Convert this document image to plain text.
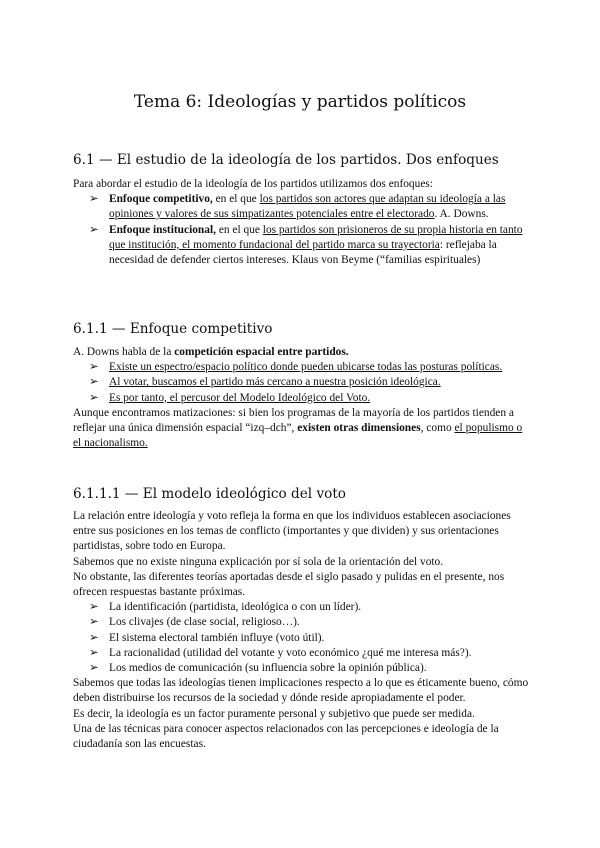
Tema 6: Ideologías y partidos políticos
6.1 — El estudio de la ideología de los partidos. Dos enfoques

Para abordar el estudio de la ideología de los partidos utilizamos dos enfoques:

➢ Enfoque competitivo, en el que los partidos son actores que adaptan su ideología a las opiniones y valores de sus simpatizantes potenciales entre el electorado. A. Downs.
➢ Enfoque institucional, en el que los partidos son prisioneros de su propia historia en tanto que institución, el momento fundacional del partido marca su trayectoria: reflejaba la necesidad de defender ciertos intereses. Klaus von Beyme (“familias espirituales)
6.1.1 — Enfoque competitivo

A. Downs habla de la competición espacial entre partidos.

➢ Existe un espectro/espacio político donde pueden ubicarse todas las posturas políticas.
➢ Al votar, buscamos el partido más cercano a nuestra posición ideológica.
➢ Es por tanto, el percusor del Modelo Ideológico del Voto.

Aunque encontramos matizaciones: si bien los programas de la mayoría de los partidos tienden a reflejar una única dimensión espacial “izq–dch”, existen otras dimensiones, como el populismo o el nacionalismo.

6.1.1.1 — El modelo ideológico del voto

La relación entre ideología y voto refleja la forma en que los individuos establecen asociaciones entre sus posiciones en los temas de conflicto (importantes y que dividen) y sus orientaciones partidistas, sobre todo en Europa.

Sabemos que no existe ninguna explicación por sí sola de la orientación del voto.

No obstante, las diferentes teorías aportadas desde el siglo pasado y pulidas en el presente, nos ofrecen respuestas bastante próximas.

➢ La identificación (partidista, ideológica o con un líder).
➢ Los clivajes (de clase social, religioso…).
➢ El sistema electoral también influye (voto útil).
➢ La racionalidad (utilidad del votante y voto económico ¿qué me interesa más?).
➢ Los medios de comunicación (su influencia sobre la opinión pública).

Sabemos que todas las ideologías tienen implicaciones respecto a lo que es éticamente bueno, cómo deben distribuirse los recursos de la sociedad y dónde reside apropiadamente el poder.

Es decir, la ideología es un factor puramente personal y subjetivo que puede ser medida.

Una de las técnicas para conocer aspectos relacionados con las percepciones e ideología de la ciudadanía son las encuestas.
